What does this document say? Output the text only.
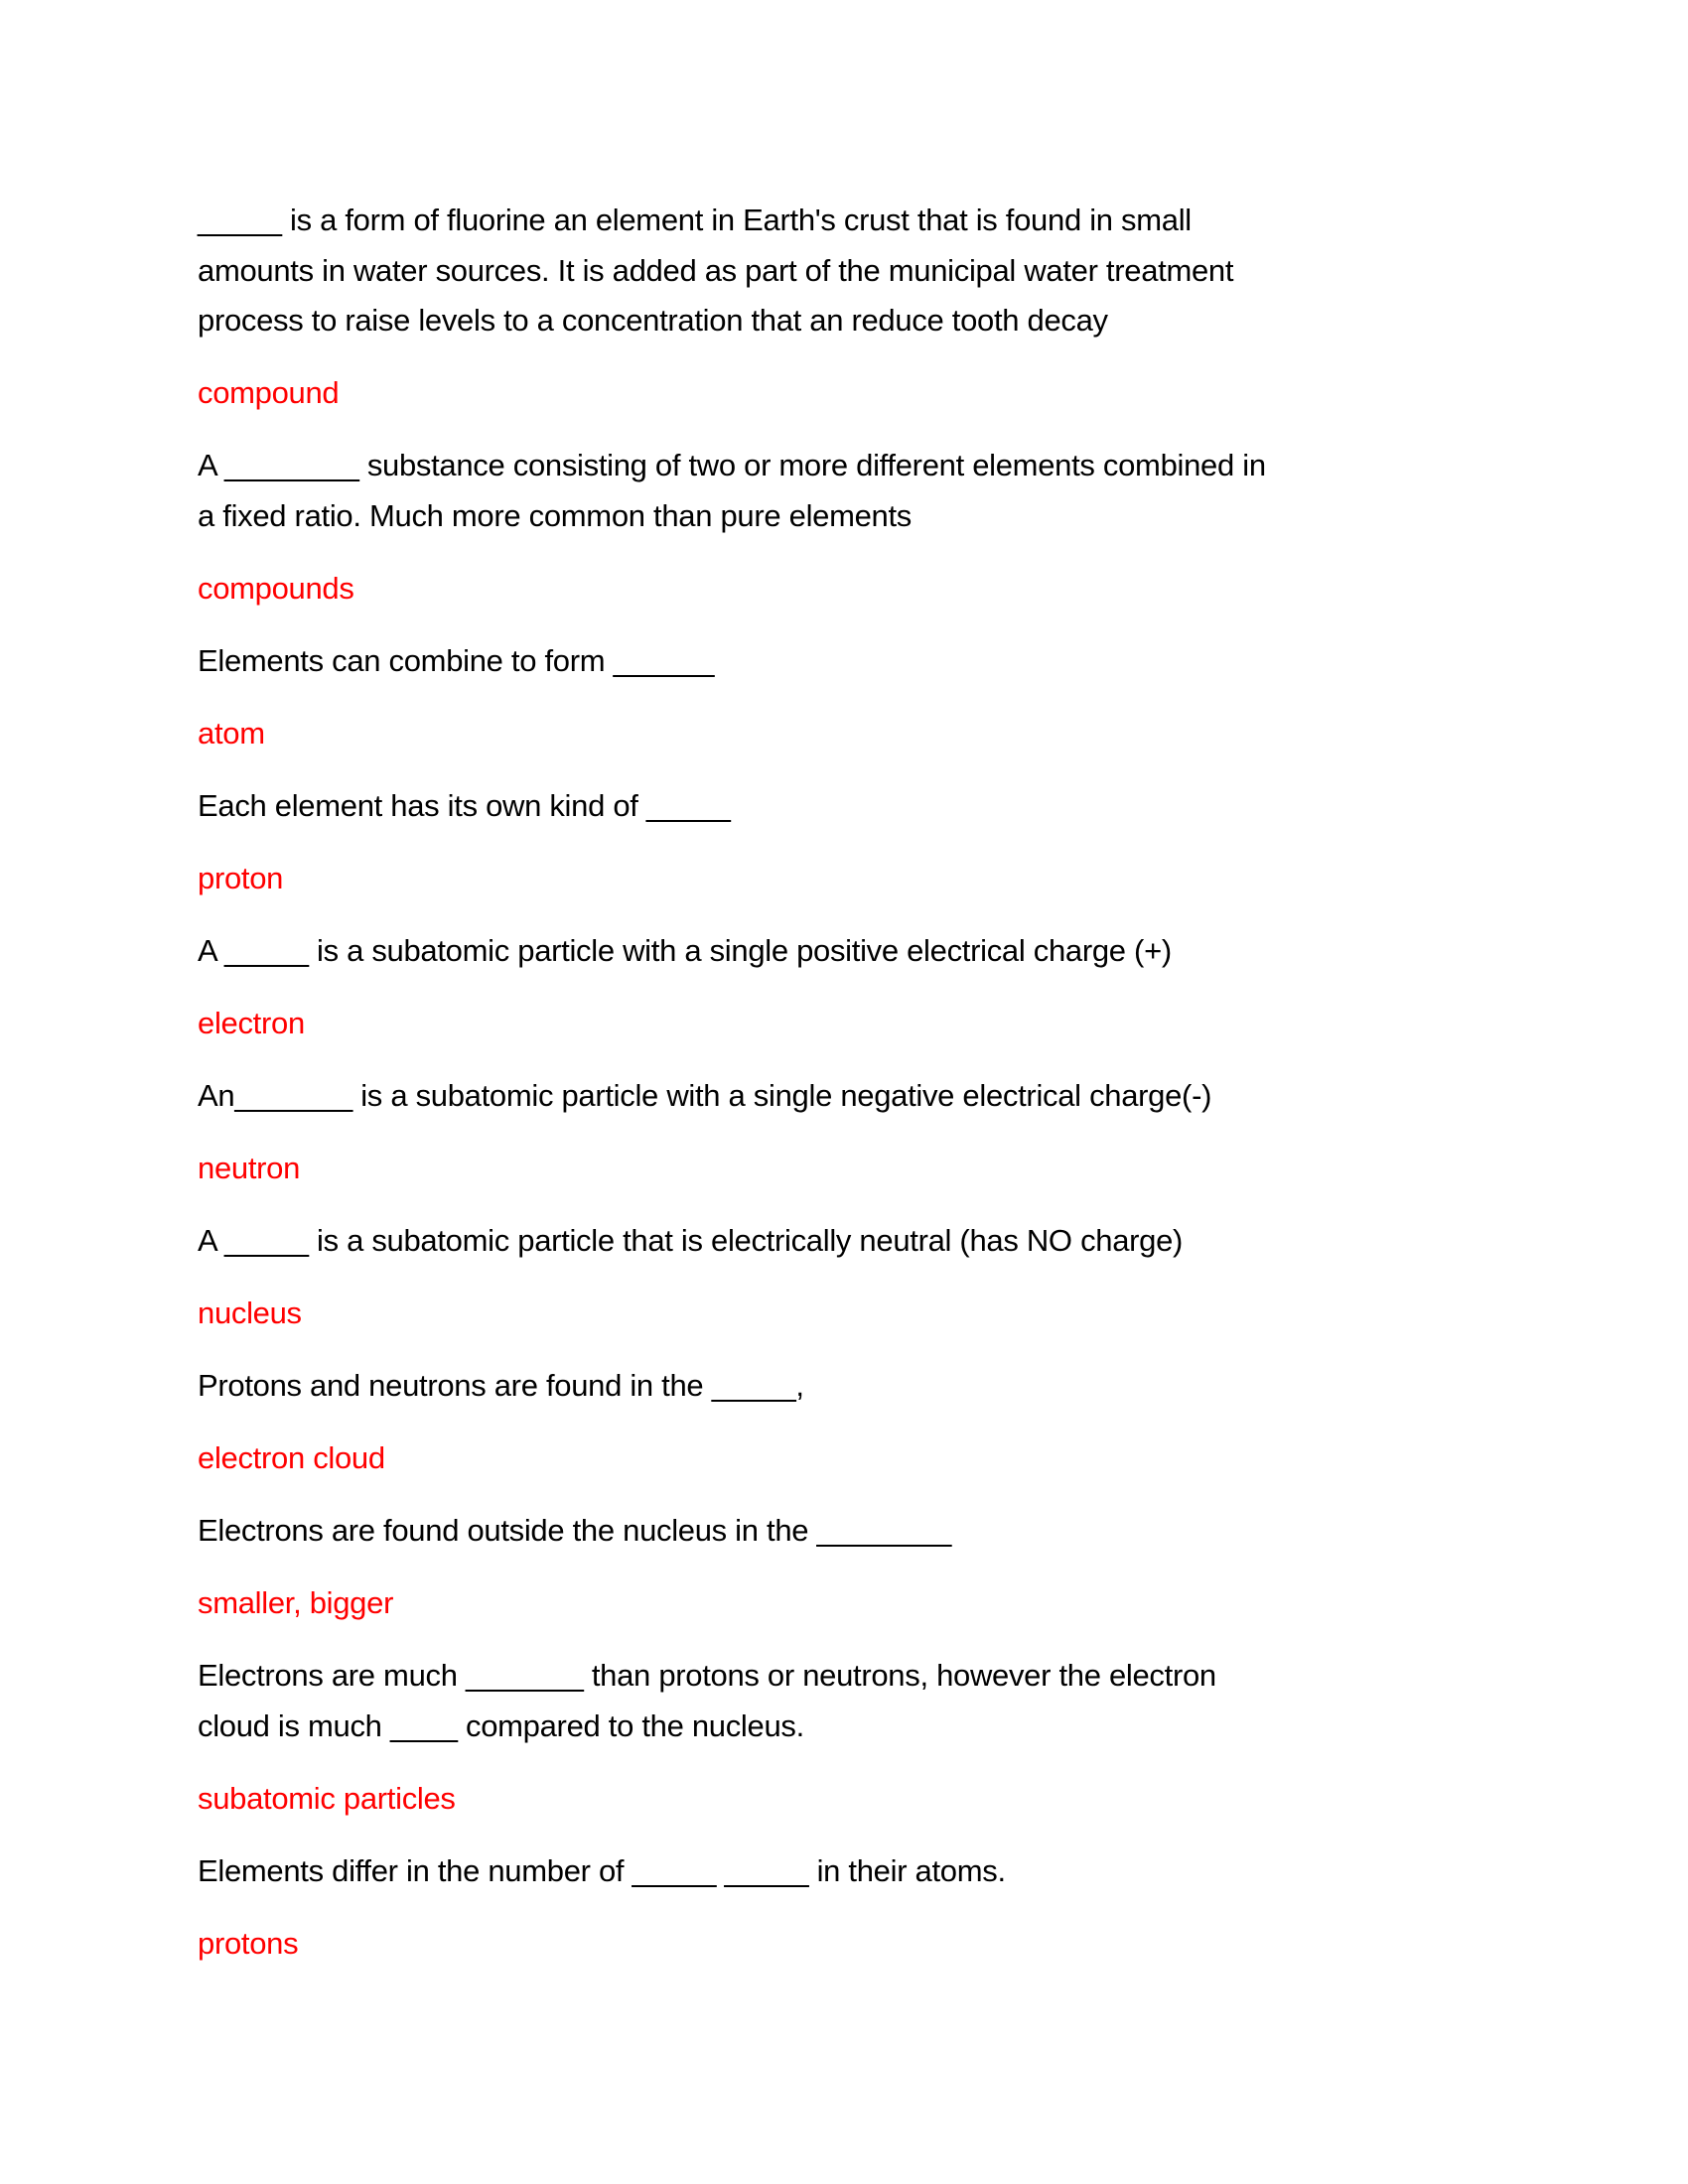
_____ is a form of fluorine an element in Earth's crust that is found in small
amounts in water sources. It is added as part of the municipal water treatment
process to raise levels to a concentration that an reduce tooth decay

compound

A ________ substance consisting of two or more different elements combined in
a fixed ratio. Much more common than pure elements

compounds

Elements can combine to form ______

atom

Each element has its own kind of _____

proton

A _____ is a subatomic particle with a single positive electrical charge (+)

electron

An_______ is a subatomic particle with a single negative electrical charge(-)

neutron

A _____ is a subatomic particle that is electrically neutral (has NO charge)

nucleus

Protons and neutrons are found in the _____,

electron cloud

Electrons are found outside the nucleus in the ________

smaller, bigger

Electrons are much _______ than protons or neutrons, however the electron
cloud is much ____ compared to the nucleus.

subatomic particles

Elements differ in the number of _____ _____ in their atoms.

protons
